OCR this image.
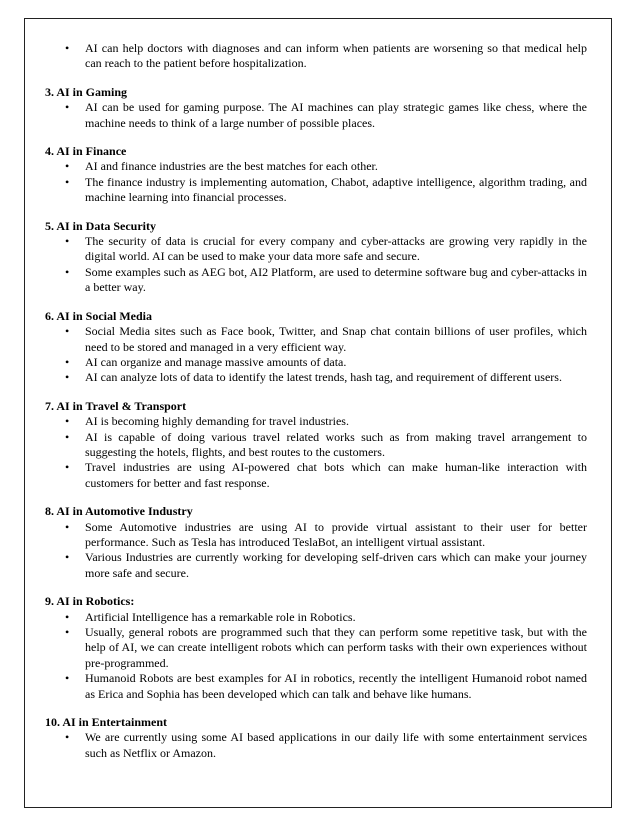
•	AI can help doctors with diagnoses and can inform when patients are worsening so that medical help can reach to the patient before hospitalization.

3. AI in Gaming

•	AI can be used for gaming purpose. The AI machines can play strategic games like chess, where the machine needs to think of a large number of possible places.

4. AI in Finance

•	AI and finance industries are the best matches for each other.
•	The finance industry is implementing automation, Chabot, adaptive intelligence, algorithm trading, and machine learning into financial processes.

5. AI in Data Security

•	The security of data is crucial for every company and cyber-attacks are growing very rapidly in the digital world. AI can be used to make your data more safe and secure.
•	Some examples such as AEG bot, AI2 Platform, are used to determine software bug and cyber-attacks in a better way.

6. AI in Social Media

•	Social Media sites such as Face book, Twitter, and Snap chat contain billions of user profiles, which need to be stored and managed in a very efficient way.
•	AI can organize and manage massive amounts of data.
•	AI can analyze lots of data to identify the latest trends, hash tag, and requirement of different users.

7. AI in Travel & Transport

•	AI is becoming highly demanding for travel industries.
•	AI is capable of doing various travel related works such as from making travel arrangement to suggesting the hotels, flights, and best routes to the customers.
•	Travel industries are using AI-powered chat bots which can make human-like interaction with customers for better and fast response.

8. AI in Automotive Industry

•	Some Automotive industries are using AI to provide virtual assistant to their user for better performance. Such as Tesla has introduced TeslaBot, an intelligent virtual assistant.
•	Various Industries are currently working for developing self-driven cars which can make your journey more safe and secure.

9. AI in Robotics:

•	Artificial Intelligence has a remarkable role in Robotics.
•	Usually, general robots are programmed such that they can perform some repetitive task, but with the help of AI, we can create intelligent robots which can perform tasks with their own experiences without pre-programmed.
•	Humanoid Robots are best examples for AI in robotics, recently the intelligent Humanoid robot named as Erica and Sophia has been developed which can talk and behave like humans.

10. AI in Entertainment

•	We are currently using some AI based applications in our daily life with some entertainment services such as Netflix or Amazon.
